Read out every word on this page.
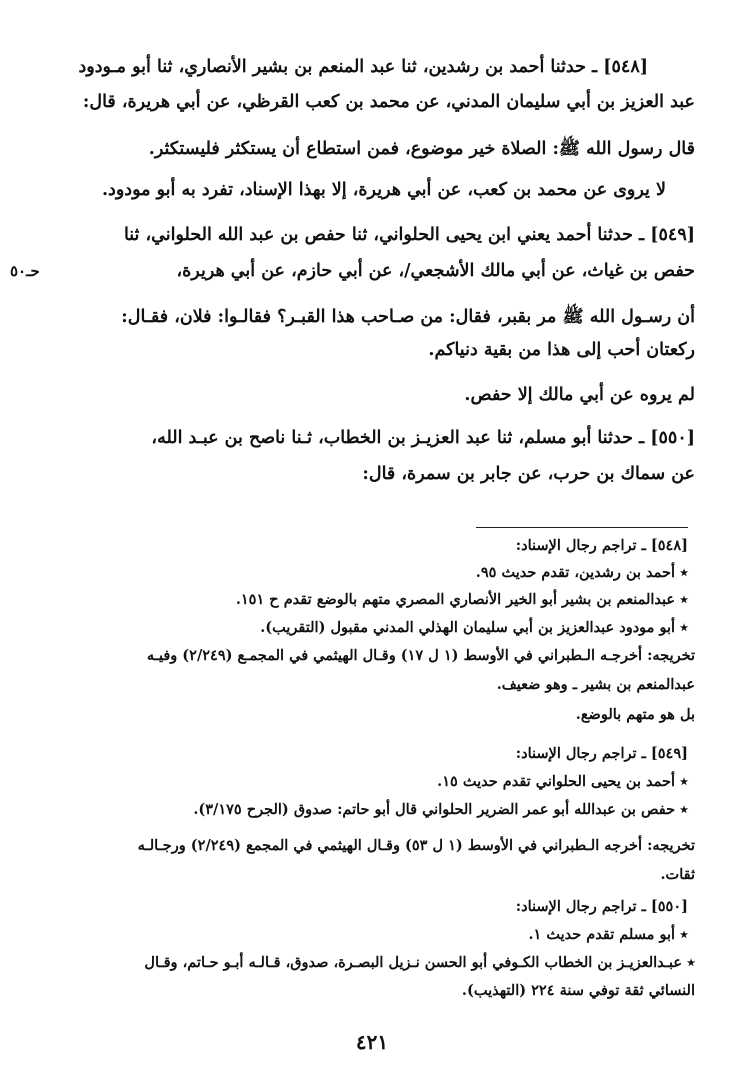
حـ٥٠
[٥٤٨] ـ حدثنا أحمد بن رشدين، ثنا عبد المنعم بن بشير الأنصاري، ثنا أبو مـودود
عبد العزيز بن أبي سليمان المدني، عن محمد بن كعب القرظي، عن أبي هريرة، قال:
قال رسول الله ﷺ: الصلاة خير موضوع، فمن استطاع أن يستكثر فليستكثر.
لا يروى عن محمد بن كعب، عن أبي هريرة، إلا بهذا الإسناد، تفرد به أبو مودود.
[٥٤٩] ـ حدثنا أحمد يعني ابن يحيى الحلواني، ثنا حفص بن عبد الله الحلواني، ثنا
حفص بن غياث، عن أبي مالك الأشجعي/، عن أبي حازم، عن أبي هريرة،
أن رسـول الله ﷺ مر بقبر، فقال: من صـاحب هذا القبـر؟ فقالـوا: فلان، فقـال:
ركعتان أحب إلى هذا من بقية دنياكم.
لم يروه عن أبي مالك إلا حفص.
[٥٥٠] ـ حدثنا أبو مسلم، ثنا عبد العزيـز بن الخطاب، ثـنا ناصح بن عبـد الله،
عن سماك بن حرب، عن جابر بن سمرة، قال:
[٥٤٨] ـ تراجم رجال الإسناد:
٭ أحمد بن رشدين، تقدم حديث ٩٥.
٭ عبدالمنعم بن بشير أبو الخير الأنصاري المصري متهم بالوضع تقدم ح ١٥١.
٭ أبو مودود عبدالعزيز بن أبي سليمان الهذلي المدني مقبول (التقريب).
تخريجه: أخرجـه الـطبراني في الأوسط (١ ل ١٧) وقـال الهيثمي في المجمـع (٢/٢٤٩) وفيـه
عبدالمنعم بن بشير ـ وهو ضعيف.
بل هو متهم بالوضع.
[٥٤٩] ـ تراجم رجال الإسناد:
٭ أحمد بن يحيى الحلواني تقدم حديث ١٥.
٭ حفص بن عبدالله أبو عمر الضرير الحلواني قال أبو حاتم: صدوق (الجرح ٣/١٧٥).
تخريجه: أخرجه الـطبراني في الأوسط (١ ل ٥٣) وقـال الهيثمي في المجمع (٢/٢٤٩) ورجـالـه
ثقات.
[٥٥٠] ـ تراجم رجال الإسناد:
٭ أبو مسلم تقدم حديث ١.
٭ عبـدالعزيـز بن الخطاب الكـوفي أبو الحسن نـزيل البصـرة، صدوق، قـالـه أبـو حـاتم، وقـال
النسائي ثقة توفي سنة ٢٢٤ (التهذيب).
٤٢١
